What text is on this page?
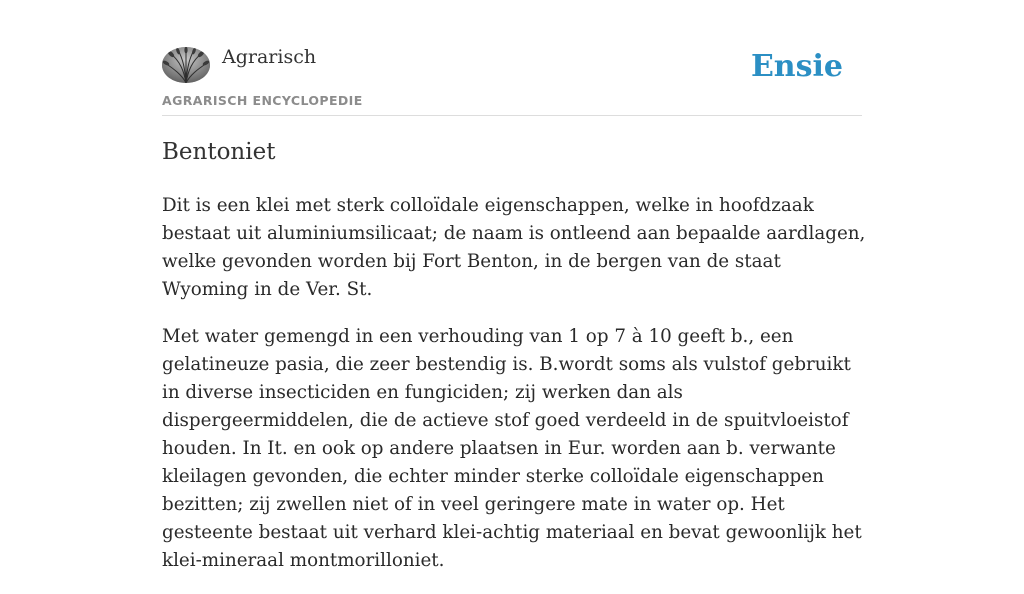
Agrarisch	Ensie
AGRARISCH ENCYCLOPEDIE
Bentoniet

Dit is een klei met sterk colloïdale eigenschappen, welke in hoofdzaak bestaat uit aluminiumsilicaat; de naam is ontleend aan bepaalde aardlagen, welke gevonden worden bij Fort Benton, in de bergen van de staat Wyoming in de Ver. St.

Met water gemengd in een verhouding van 1 op 7 à 10 geeft b., een gelatineuze pasia, die zeer bestendig is. B.wordt soms als vulstof gebruikt in diverse insecticiden en fungiciden; zij werken dan als dispergeermiddelen, die de actieve stof goed verdeeld in de spuitvloeistof houden. In It. en ook op andere plaatsen in Eur. worden aan b. verwante kleilagen gevonden, die echter minder sterke colloïdale eigenschappen bezitten; zij zwellen niet of in veel geringere mate in water op. Het gesteente bestaat uit verhard klei-achtig materiaal en bevat gewoonlijk het klei-mineraal montmorilloniet.
